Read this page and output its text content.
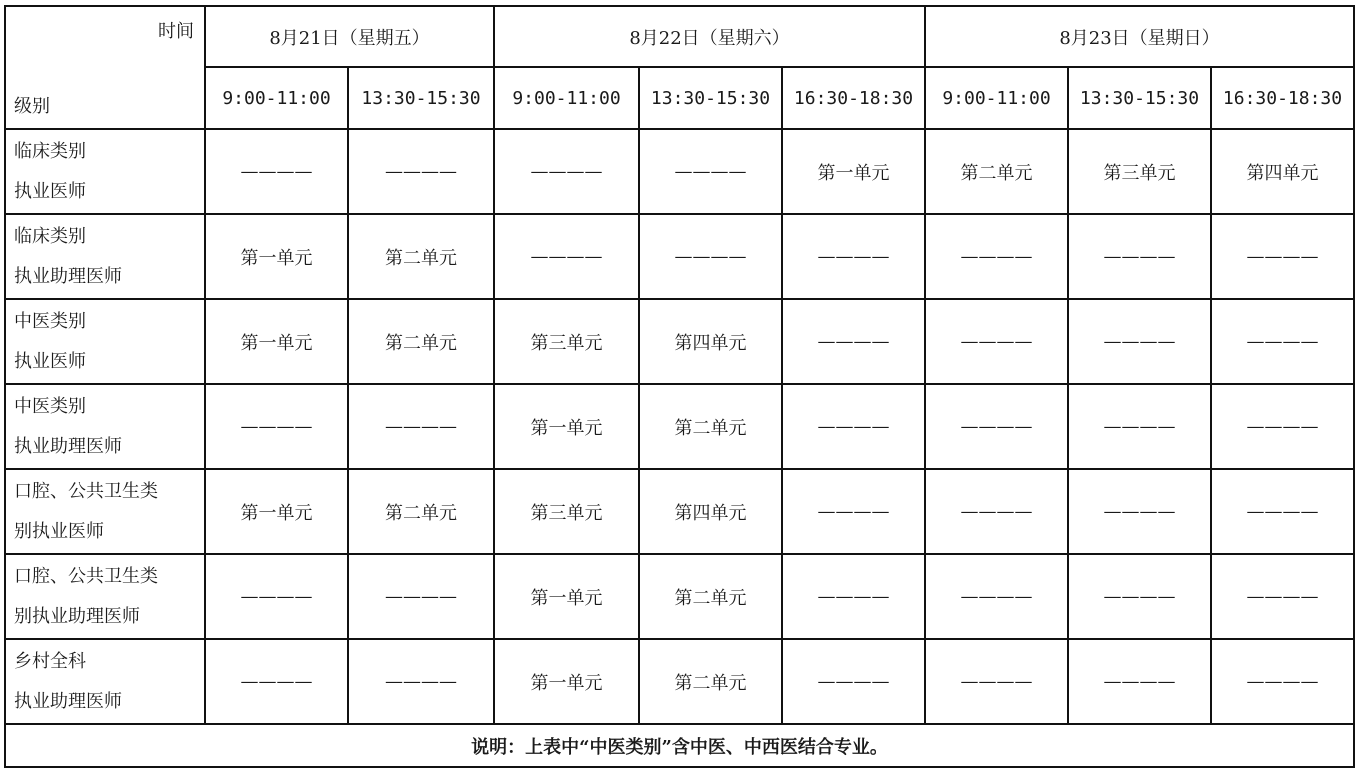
时间
级别	8月21日（星期五）		8月22日（星期六）			8月23日（星期日）		
	9:00-11:00	13:30-15:30	9:00-11:00	13:30-15:30	16:30-18:30	9:00-11:00	13:30-15:30	16:30-18:30

临床类别
执业医师	————	————	————	————	第一单元	第二单元	第三单元	第四单元

临床类别
执业助理医师	第一单元	第二单元	————	————	————	————	————	————

中医类别
执业医师	第一单元	第二单元	第三单元	第四单元	————	————	————	————

中医类别
执业助理医师	————	————	第一单元	第二单元	————	————	————	————

口腔、公共卫生类
别执业医师	第一单元	第二单元	第三单元	第四单元	————	————	————	————

口腔、公共卫生类
别执业助理医师	————	————	第一单元	第二单元	————	————	————	————

乡村全科
执业助理医师	————	————	第一单元	第二单元	————	————	————	————
说明：上表中“中医类别”含中医、中西医结合专业。								
